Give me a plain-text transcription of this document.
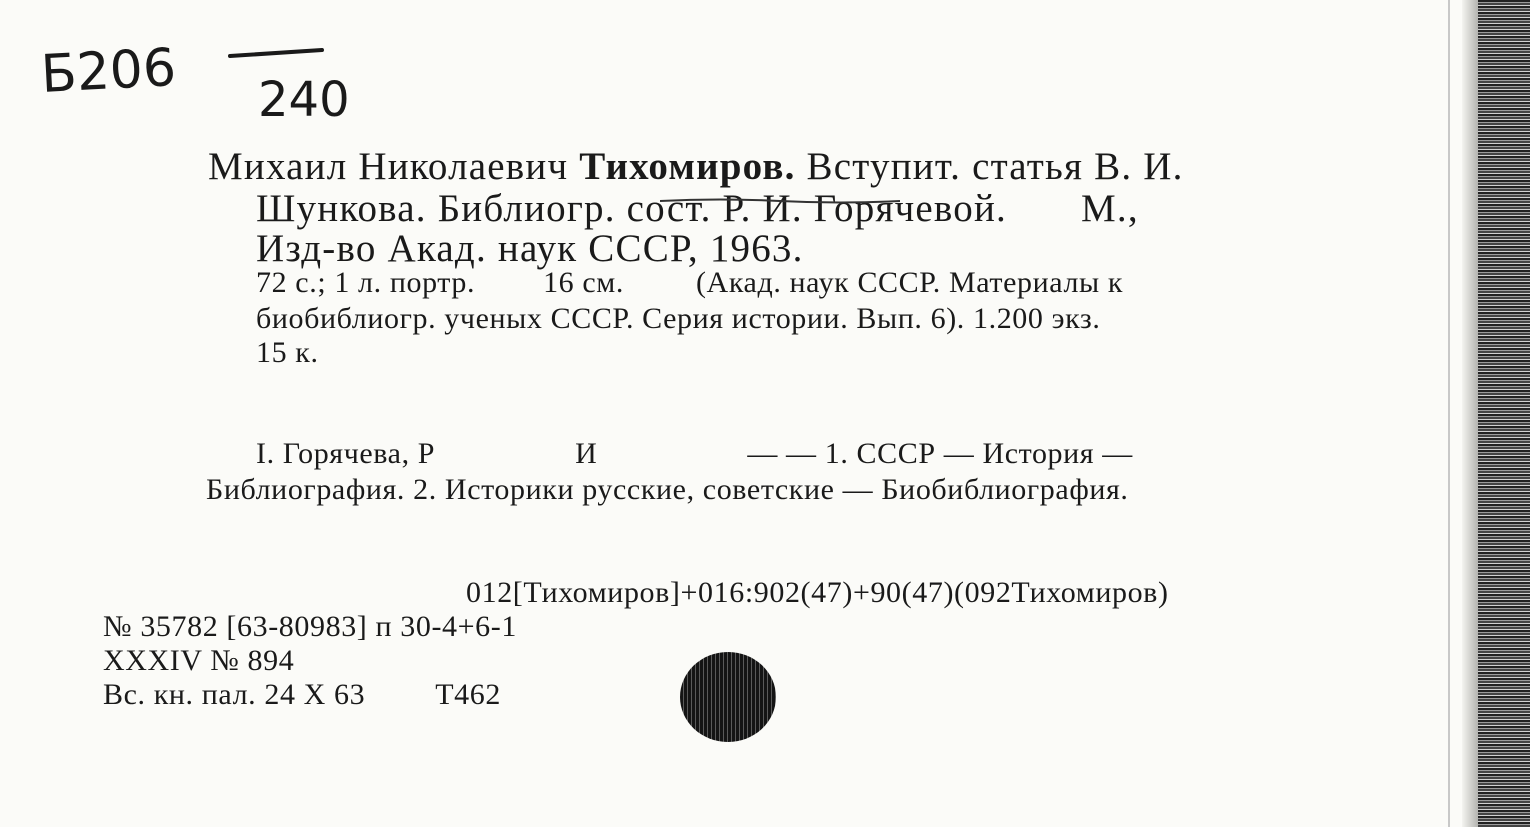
Б206 240
Михаил Николаевич Тихомиров. Вступит. статья В. И.
Шункова. Библиогр. сост. Р. И. Горячевой. М.,
Изд-во Акад. наук СССР, 1963.
72 с.; 1 л. портр. 16 см. (Акад. наук СССР. Материалы к
биобиблиогр. ученых СССР. Серия истории. Вып. 6). 1.200 экз.
15 к.
I. Горячева, Р	И	— — 1. СССР — История —
Библиография. 2. Историки русские, советские — Биобиблиография.
012[Тихомиров]+016:902(47)+90(47)(092Тихомиров)
№ 35782 [63-80983] п 30-4+6-1
XXXIV № 894
Вс. кн. пал. 24 X 63 Т462
